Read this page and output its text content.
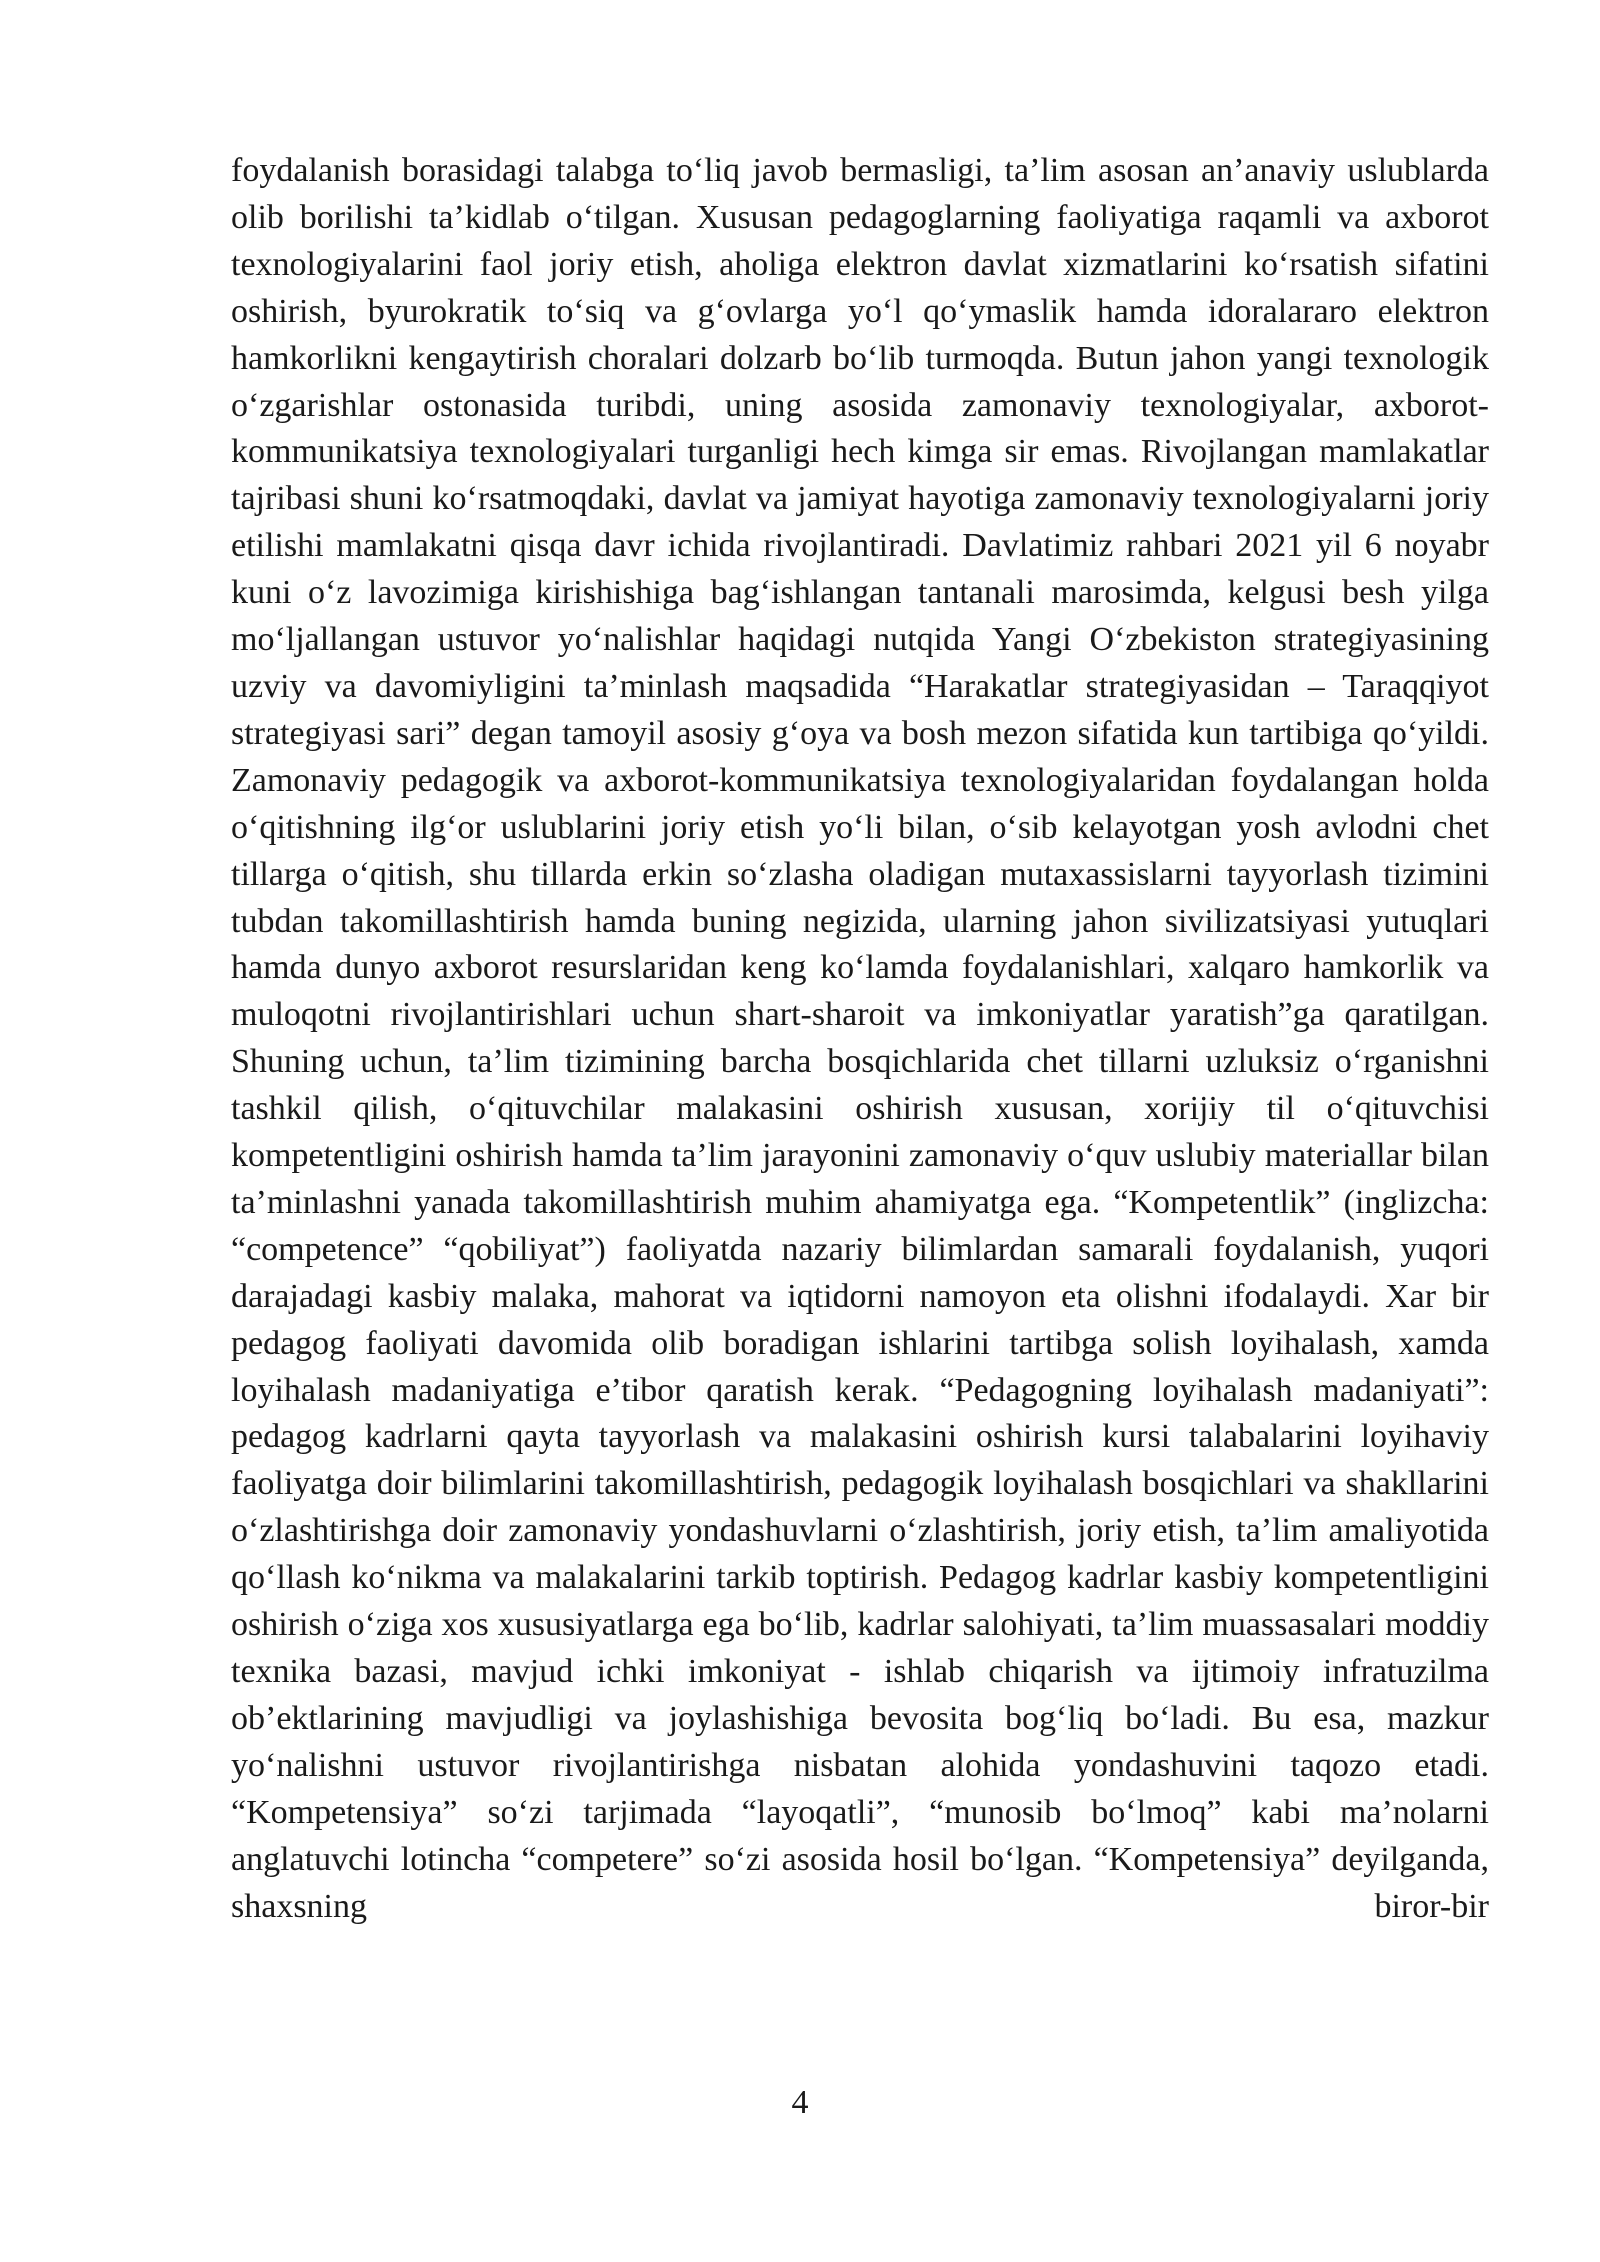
foydalanish borasidagi talabga to‘liq javob bermasligi, ta’lim asosan an’anaviy uslublarda olib borilishi ta’kidlab o‘tilgan. Xususan pedagoglarning faoliyatiga raqamli va axborot texnologiyalarini faol joriy etish, aholiga elektron davlat xizmatlarini ko‘rsatish sifatini oshirish, byurokratik to‘siq va g‘ovlarga yo‘l qo‘ymaslik hamda idoralararo elektron hamkorlikni kengaytirish choralari dolzarb bo‘lib turmoqda. Butun jahon yangi texnologik o‘zgarishlar ostonasida turibdi, uning asosida zamonaviy texnologiyalar, axborot-kommunikatsiya texnologiyalari turganligi hech kimga sir emas. Rivojlangan mamlakatlar tajribasi shuni ko‘rsatmoqdaki, davlat va jamiyat hayotiga zamonaviy texnologiyalarni joriy etilishi mamlakatni qisqa davr ichida rivojlantiradi. Davlatimiz rahbari 2021 yil 6 noyabr kuni o‘z lavozimiga kirishishiga bag‘ishlangan tantanali marosimda, kelgusi besh yilga mo‘ljallangan ustuvor yo‘nalishlar haqidagi nutqida Yangi O‘zbekiston strategiyasining uzviy va davomiyligini ta’minlash maqsadida “Harakatlar strategiyasidan – Taraqqiyot strategiyasi sari” degan tamoyil asosiy g‘oya va bosh mezon sifatida kun tartibiga qo‘yildi. Zamonaviy pedagogik va axborot-kommunikatsiya texnologiyalaridan foydalangan holda o‘qitishning ilg‘or uslublarini joriy etish yo‘li bilan, o‘sib kelayotgan yosh avlodni chet tillarga o‘qitish, shu tillarda erkin so‘zlasha oladigan mutaxassislarni tayyorlash tizimini tubdan takomillashtirish hamda buning negizida, ularning jahon sivilizatsiyasi yutuqlari hamda dunyo axborot resurslaridan keng ko‘lamda foydalanishlari, xalqaro hamkorlik va muloqotni rivojlantirishlari uchun shart-sharoit va imkoniyatlar yaratish”ga qaratilgan. Shuning uchun, ta’lim tizimining barcha bosqichlarida chet tillarni uzluksiz o‘rganishni tashkil qilish, o‘qituvchilar malakasini oshirish xususan, xorijiy til o‘qituvchisi kompetentligini oshirish hamda ta’lim jarayonini zamonaviy o‘quv uslubiy materiallar bilan ta’minlashni yanada takomillashtirish muhim ahamiyatga ega. “Kompetentlik” (inglizcha: “competence” “qobiliyat”) faoliyatda nazariy bilimlardan samarali foydalanish, yuqori darajadagi kasbiy malaka, mahorat va iqtidorni namoyon eta olishni ifodalaydi. Xar bir pedagog faoliyati davomida olib boradigan ishlarini tartibga solish loyihalash, xamda loyihalash madaniyatiga e’tibor qaratish kerak. “Pedagogning loyihalash madaniyati”: pedagog kadrlarni qayta tayyorlash va malakasini oshirish kursi talabalarini loyihaviy faoliyatga doir bilimlarini takomillashtirish, pedagogik loyihalash bosqichlari va shakllarini o‘zlashtirishga doir zamonaviy yondashuvlarni o‘zlashtirish, joriy etish, ta’lim amaliyotida qo‘llash ko‘nikma va malakalarini tarkib toptirish. Pedagog kadrlar kasbiy kompetentligini oshirish o‘ziga xos xususiyatlarga ega bo‘lib, kadrlar salohiyati, ta’lim muassasalari moddiy texnika bazasi, mavjud ichki imkoniyat - ishlab chiqarish va ijtimoiy infratuzilma ob’ektlarining mavjudligi va joylashishiga bevosita bog‘liq bo‘ladi. Bu esa, mazkur yo‘nalishni ustuvor rivojlantirishga nisbatan alohida yondashuvini taqozo etadi. “Kompetensiya” so‘zi tarjimada “layoqatli”, “munosib bo‘lmoq” kabi ma’nolarni anglatuvchi lotincha “competere” so‘zi asosida hosil bo‘lgan. “Kompetensiya” deyilganda, shaxsning biror-bir

4
